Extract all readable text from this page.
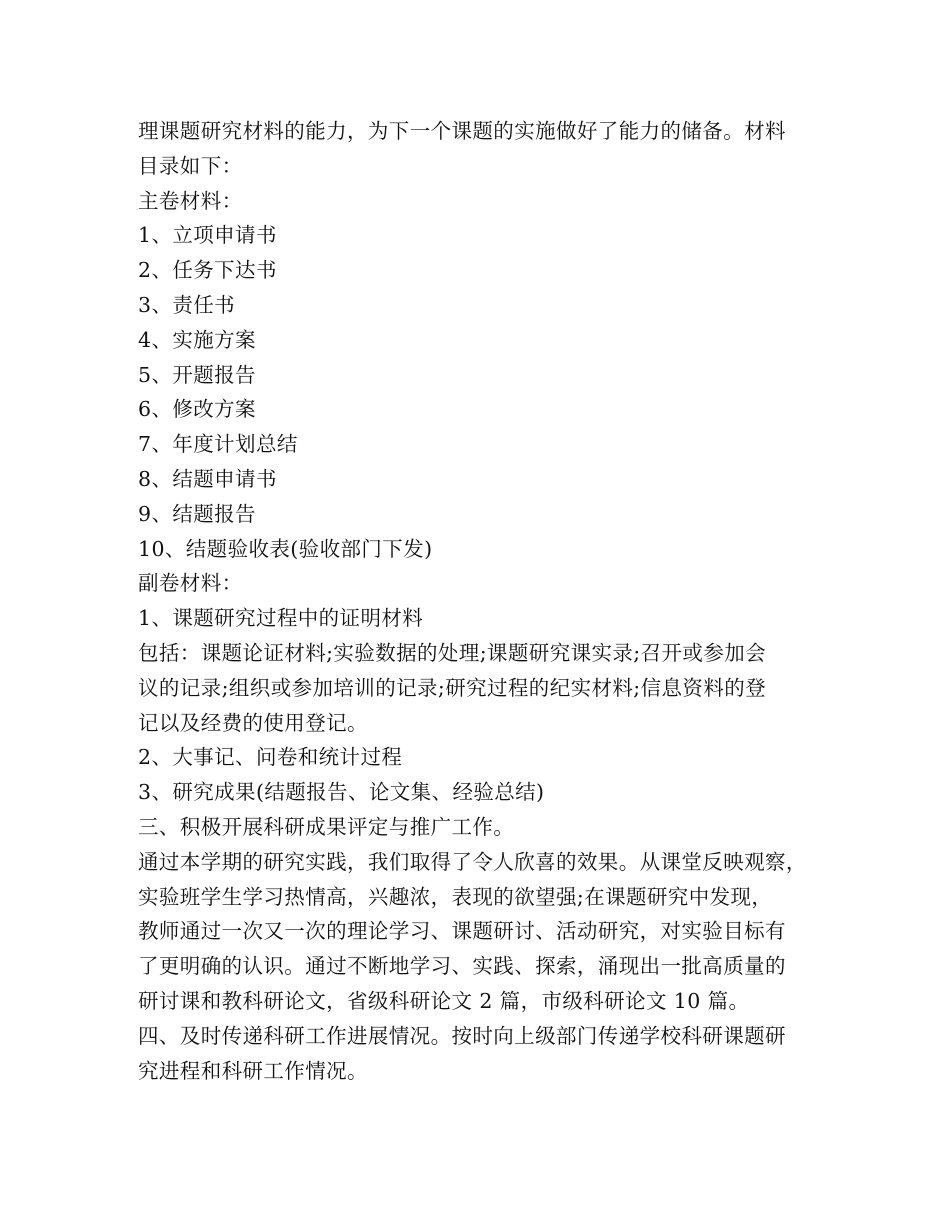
理课题研究材料的能力，为下一个课题的实施做好了能力的储备。材料
目录如下：
主卷材料：
1、立项申请书
2、任务下达书
3、责任书
4、实施方案
5、开题报告
6、修改方案
7、年度计划总结
8、结题申请书
9、结题报告
10、结题验收表(验收部门下发)
副卷材料：
1、课题研究过程中的证明材料
包括：课题论证材料;实验数据的处理;课题研究课实录;召开或参加会
议的记录;组织或参加培训的记录;研究过程的纪实材料;信息资料的登
记以及经费的使用登记。
2、大事记、问卷和统计过程
3、研究成果(结题报告、论文集、经验总结)
三、积极开展科研成果评定与推广工作。
通过本学期的研究实践，我们取得了令人欣喜的效果。从课堂反映观察，
实验班学生学习热情高，兴趣浓，表现的欲望强;在课题研究中发现，
教师通过一次又一次的理论学习、课题研讨、活动研究，对实验目标有
了更明确的认识。通过不断地学习、实践、探索，涌现出一批高质量的
研讨课和教科研论文，省级科研论文 2 篇，市级科研论文 10 篇。
四、及时传递科研工作进展情况。按时向上级部门传递学校科研课题研
究进程和科研工作情况。
